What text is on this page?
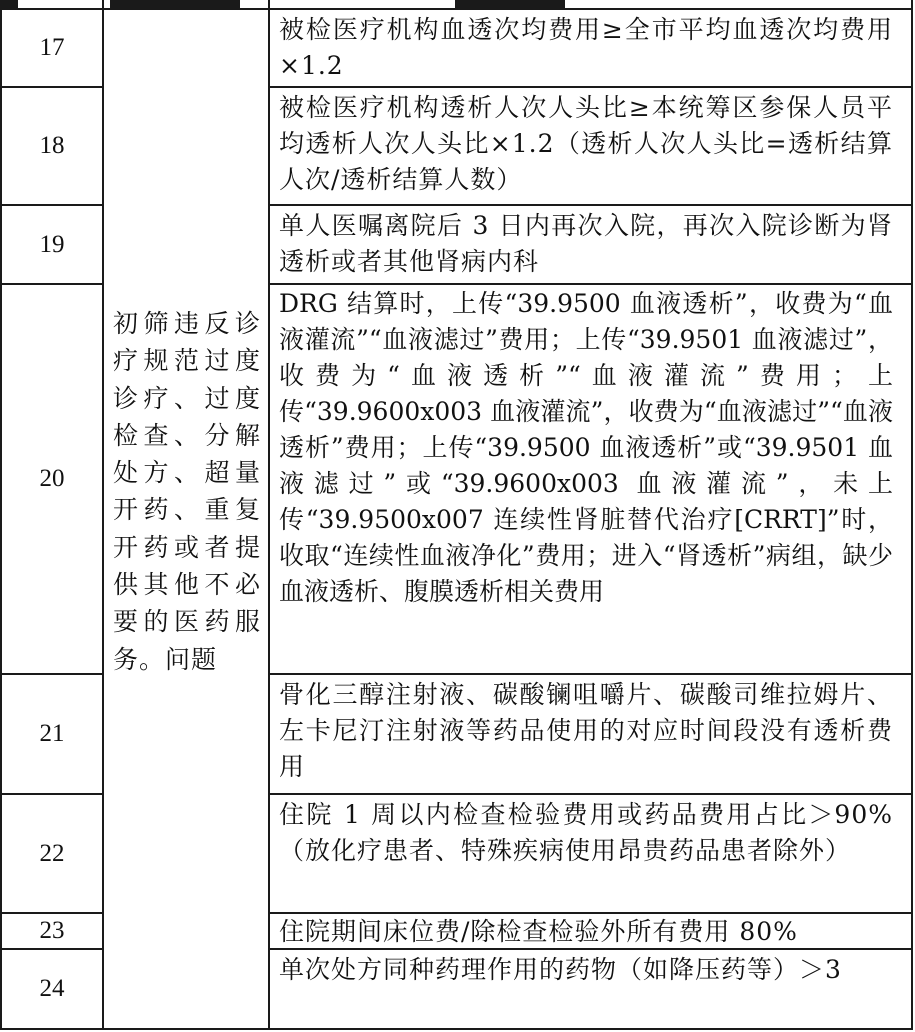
初筛违反诊疗规范过度诊疗、过度检查、分解处方、超量开药、重复开药或者提供其他不必要的医药服务。问题
17
18
19
20
21
22
23
24
被检医疗机构血透次均费用≥全市平均血透次均费用×1.2
被检医疗机构透析人次人头比≥本统筹区参保人员平均透析人次人头比×1.2（透析人次人头比=透析结算人次/透析结算人数）
单人医嘱离院后 3 日内再次入院，再次入院诊断为肾透析或者其他肾病内科
DRG 结算时，上传“39.9500 血液透析”，收费为“血液灌流”“血液滤过”费用；上传“39.9501 血液滤过”，收费为“血液透析”“血液灌流”费用；上传“39.9600x003 血液灌流”，收费为“血液滤过”“血液透析”费用；上传“39.9500 血液透析”或“39.9501 血液滤过”或“39.9600x003 血液灌流”，未上传“39.9500x007 连续性肾脏替代治疗[CRRT]”时，收取“连续性血液净化”费用；进入“肾透析”病组，缺少血液透析、腹膜透析相关费用
骨化三醇注射液、碳酸镧咀嚼片、碳酸司维拉姆片、左卡尼汀注射液等药品使用的对应时间段没有透析费用
住院 1 周以内检查检验费用或药品费用占比＞90%（放化疗患者、特殊疾病使用昂贵药品患者除外）
住院期间床位费/除检查检验外所有费用 80%
单次处方同种药理作用的药物（如降压药等）＞3
